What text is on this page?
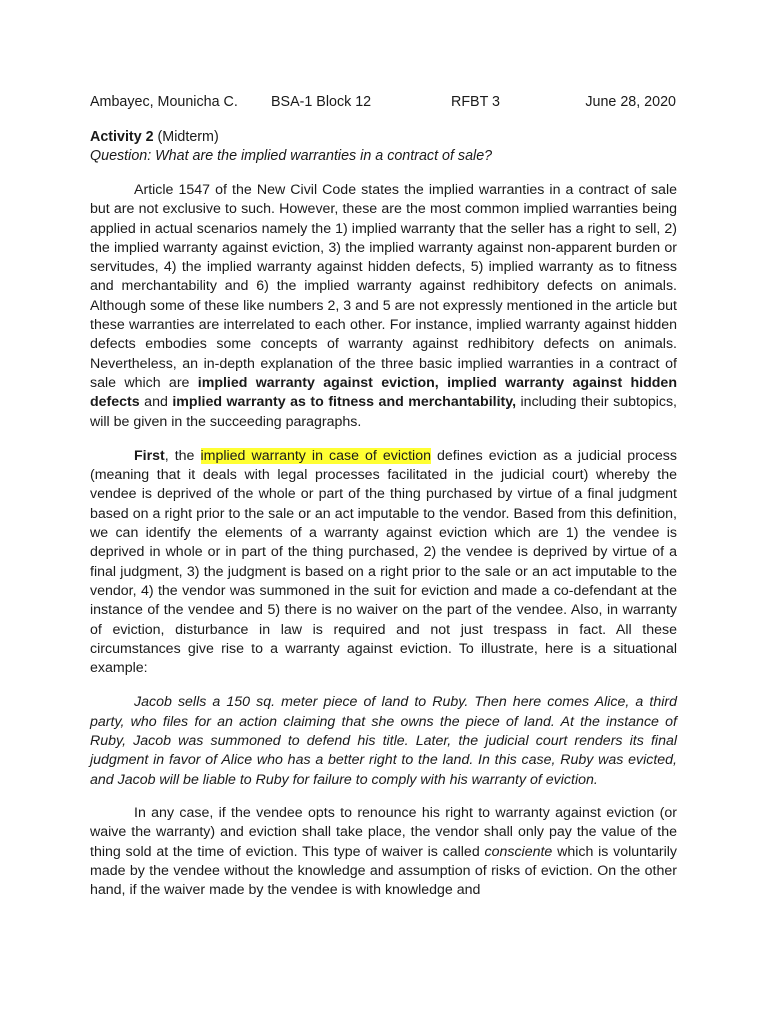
Ambayec, Mounicha C. BSA-1 Block 12	RFBT 3	June 28, 2020
Activity 2 (Midterm)
Question: What are the implied warranties in a contract of sale?

Article 1547 of the New Civil Code states the implied warranties in a contract of sale but are not exclusive to such. However, these are the most common implied warranties being applied in actual scenarios namely the 1) implied warranty that the seller has a right to sell, 2) the implied warranty against eviction, 3) the implied warranty against non-apparent burden or servitudes, 4) the implied warranty against hidden defects, 5) implied warranty as to fitness and merchantability and 6) the implied warranty against redhibitory defects on animals. Although some of these like numbers 2, 3 and 5 are not expressly mentioned in the article but these warranties are interrelated to each other. For instance, implied warranty against hidden defects embodies some concepts of warranty against redhibitory defects on animals. Nevertheless, an in-depth explanation of the three basic implied warranties in a contract of sale which are implied warranty against eviction, implied warranty against hidden defects and implied warranty as to fitness and merchantability, including their subtopics, will be given in the succeeding paragraphs.

First, the implied warranty in case of eviction defines eviction as a judicial process (meaning that it deals with legal processes facilitated in the judicial court) whereby the vendee is deprived of the whole or part of the thing purchased by virtue of a final judgment based on a right prior to the sale or an act imputable to the vendor. Based from this definition, we can identify the elements of a warranty against eviction which are 1) the vendee is deprived in whole or in part of the thing purchased, 2) the vendee is deprived by virtue of a final judgment, 3) the judgment is based on a right prior to the sale or an act imputable to the vendor, 4) the vendor was summoned in the suit for eviction and made a co-defendant at the instance of the vendee and 5) there is no waiver on the part of the vendee. Also, in warranty of eviction, disturbance in law is required and not just trespass in fact. All these circumstances give rise to a warranty against eviction. To illustrate, here is a situational example:

Jacob sells a 150 sq. meter piece of land to Ruby. Then here comes Alice, a third party, who files for an action claiming that she owns the piece of land. At the instance of Ruby, Jacob was summoned to defend his title. Later, the judicial court renders its final judgment in favor of Alice who has a better right to the land. In this case, Ruby was evicted, and Jacob will be liable to Ruby for failure to comply with his warranty of eviction.

In any case, if the vendee opts to renounce his right to warranty against eviction (or waive the warranty) and eviction shall take place, the vendor shall only pay the value of the thing sold at the time of eviction. This type of waiver is called consciente which is voluntarily made by the vendee without the knowledge and assumption of risks of eviction. On the other hand, if the waiver made by the vendee is with knowledge and
